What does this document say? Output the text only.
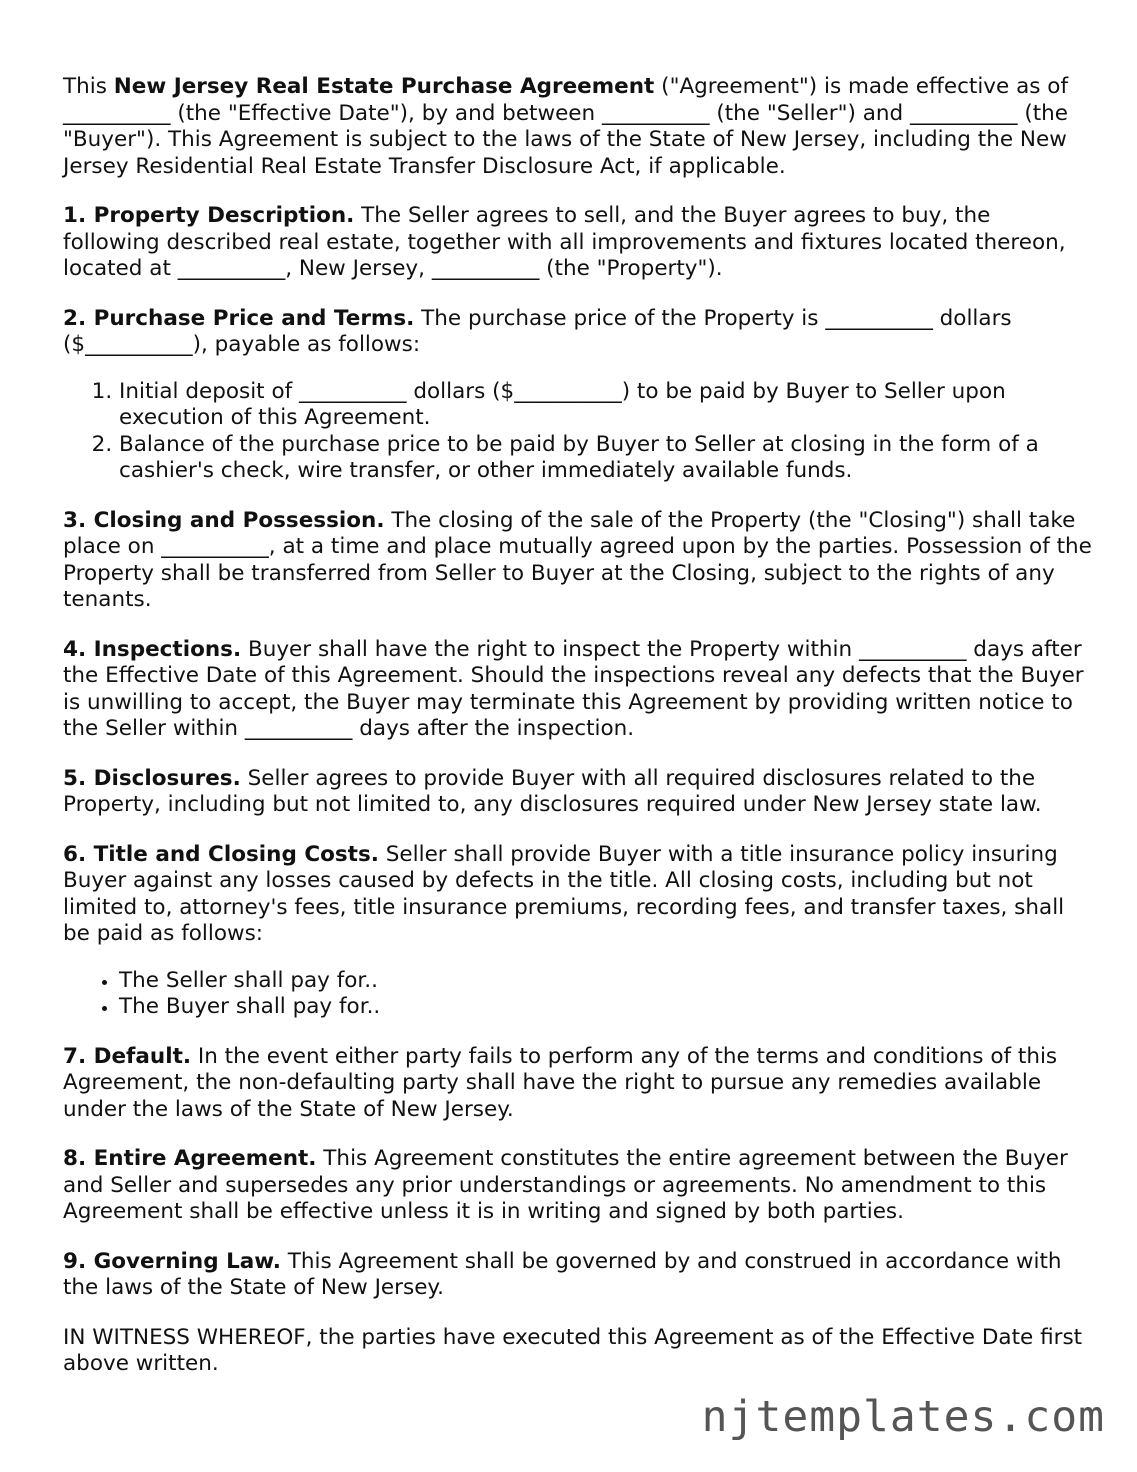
This New Jersey Real Estate Purchase Agreement ("Agreement") is made effective as of __________ (the "Effective Date"), by and between __________ (the "Seller") and __________ (the "Buyer"). This Agreement is subject to the laws of the State of New Jersey, including the New Jersey Residential Real Estate Transfer Disclosure Act, if applicable.

1. Property Description. The Seller agrees to sell, and the Buyer agrees to buy, the following described real estate, together with all improvements and fixtures located thereon, located at __________, New Jersey, __________ (the "Property").

2. Purchase Price and Terms. The purchase price of the Property is __________ dollars ($__________), payable as follows:

1. Initial deposit of __________ dollars ($__________) to be paid by Buyer to Seller upon execution of this Agreement.
2. Balance of the purchase price to be paid by Buyer to Seller at closing in the form of a cashier's check, wire transfer, or other immediately available funds.

3. Closing and Possession. The closing of the sale of the Property (the "Closing") shall take place on __________, at a time and place mutually agreed upon by the parties. Possession of the Property shall be transferred from Seller to Buyer at the Closing, subject to the rights of any tenants.

4. Inspections. Buyer shall have the right to inspect the Property within __________ days after the Effective Date of this Agreement. Should the inspections reveal any defects that the Buyer is unwilling to accept, the Buyer may terminate this Agreement by providing written notice to the Seller within __________ days after the inspection.

5. Disclosures. Seller agrees to provide Buyer with all required disclosures related to the Property, including but not limited to, any disclosures required under New Jersey state law.

6. Title and Closing Costs. Seller shall provide Buyer with a title insurance policy insuring Buyer against any losses caused by defects in the title. All closing costs, including but not limited to, attorney's fees, title insurance premiums, recording fees, and transfer taxes, shall be paid as follows:

• The Seller shall pay for..
• The Buyer shall pay for..

7. Default. In the event either party fails to perform any of the terms and conditions of this Agreement, the non-defaulting party shall have the right to pursue any remedies available under the laws of the State of New Jersey.

8. Entire Agreement. This Agreement constitutes the entire agreement between the Buyer and Seller and supersedes any prior understandings or agreements. No amendment to this Agreement shall be effective unless it is in writing and signed by both parties.

9. Governing Law. This Agreement shall be governed by and construed in accordance with the laws of the State of New Jersey.

IN WITNESS WHEREOF, the parties have executed this Agreement as of the Effective Date first above written.

njtemplates.com
